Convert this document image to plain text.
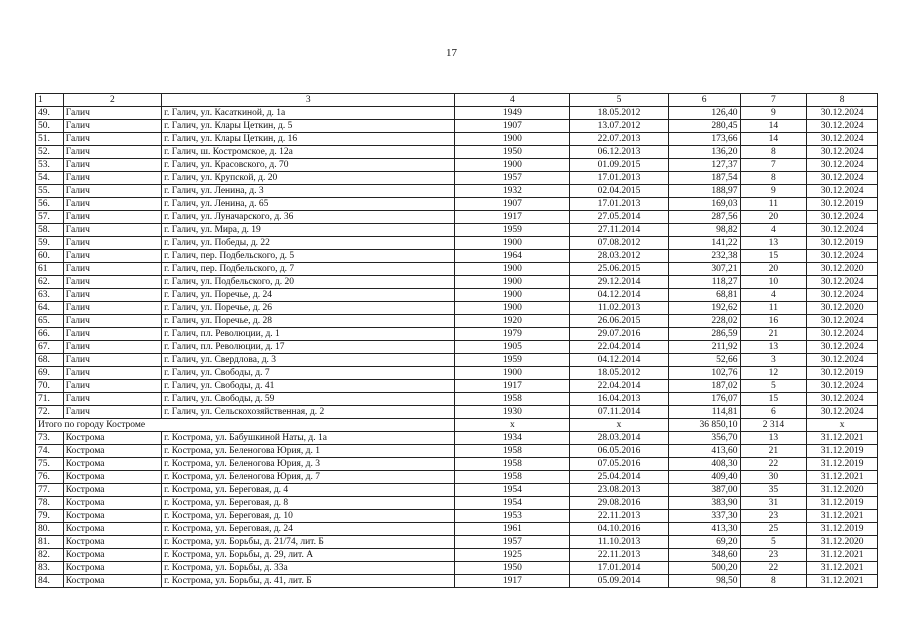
17
1	2	3	4	5	6	7	8
49.	Галич	г. Галич, ул. Касаткиной, д. 1а	1949	18.05.2012	126,40	9	30.12.2024
50.	Галич	г. Галич, ул. Клары Цеткин, д. 5	1907	13.07.2012	280,45	14	30.12.2024
51.	Галич	г. Галич, ул. Клары Цеткин, д. 16	1900	22.07.2013	173,66	14	30.12.2024
52.	Галич	г. Галич, ш. Костромское, д. 12а	1950	06.12.2013	136,20	8	30.12.2024
53.	Галич	г. Галич, ул. Красовского, д. 70	1900	01.09.2015	127,37	7	30.12.2024
54.	Галич	г. Галич, ул. Крупской, д. 20	1957	17.01.2013	187,54	8	30.12.2024
55.	Галич	г. Галич, ул. Ленина, д. 3	1932	02.04.2015	188,97	9	30.12.2024
56.	Галич	г. Галич, ул. Ленина, д. 65	1907	17.01.2013	169,03	11	30.12.2019
57.	Галич	г. Галич, ул. Луначарского, д. 36	1917	27.05.2014	287,56	20	30.12.2024
58.	Галич	г. Галич, ул. Мира, д. 19	1959	27.11.2014	98,82	4	30.12.2024
59.	Галич	г. Галич, ул. Победы, д. 22	1900	07.08.2012	141,22	13	30.12.2019
60.	Галич	г. Галич, пер. Подбельского, д. 5	1964	28.03.2012	232,38	15	30.12.2024
61	Галич	г. Галич, пер. Подбельского, д. 7	1900	25.06.2015	307,21	20	30.12.2020
62.	Галич	г. Галич, ул. Подбельского, д. 20	1900	29.12.2014	118,27	10	30.12.2024
63.	Галич	г. Галич, ул. Поречье, д. 24	1900	04.12.2014	68,81	4	30.12.2024
64.	Галич	г. Галич, ул. Поречье, д. 26	1900	11.02.2013	192,62	11	30.12.2020
65.	Галич	г. Галич, ул. Поречье, д. 28	1920	26.06.2015	228,02	16	30.12.2024
66.	Галич	г. Галич, пл. Революции, д. 1	1979	29.07.2016	286,59	21	30.12.2024
67.	Галич	г. Галич, пл. Революции, д. 17	1905	22.04.2014	211,92	13	30.12.2024
68.	Галич	г. Галич, ул. Свердлова, д. 3	1959	04.12.2014	52,66	3	30.12.2024
69.	Галич	г. Галич, ул. Свободы, д. 7	1900	18.05.2012	102,76	12	30.12.2019
70.	Галич	г. Галич, ул. Свободы, д. 41	1917	22.04.2014	187,02	5	30.12.2024
71.	Галич	г. Галич, ул. Свободы, д. 59	1958	16.04.2013	176,07	15	30.12.2024
72.	Галич	г. Галич, ул. Сельскохозяйственная, д. 2	1930	07.11.2014	114,81	6	30.12.2024
Итого по городу Костроме			x	x	36 850,10	2 314	x
73.	Кострома	г. Кострома, ул. Бабушкиной Наты, д. 1а	1934	28.03.2014	356,70	13	31.12.2021
74.	Кострома	г. Кострома, ул. Беленогова Юрия, д. 1	1958	06.05.2016	413,60	21	31.12.2019
75.	Кострома	г. Кострома, ул. Беленогова Юрия, д. 3	1958	07.05.2016	408,30	22	31.12.2019
76.	Кострома	г. Кострома, ул. Беленогова Юрия, д. 7	1958	25.04.2014	409,40	30	31.12.2021
77.	Кострома	г. Кострома, ул. Береговая, д. 4	1954	23.08.2013	387,00	35	31.12.2020
78.	Кострома	г. Кострома, ул. Береговая, д. 8	1954	29.08.2016	383,90	31	31.12.2019
79.	Кострома	г. Кострома, ул. Береговая, д. 10	1953	22.11.2013	337,30	23	31.12.2021
80.	Кострома	г. Кострома, ул. Береговая, д. 24	1961	04.10.2016	413,30	25	31.12.2019
81.	Кострома	г. Кострома, ул. Борьбы, д. 21/74, лит. Б	1957	11.10.2013	69,20	5	31.12.2020
82.	Кострома	г. Кострома, ул. Борьбы, д. 29, лит. А	1925	22.11.2013	348,60	23	31.12.2021
83.	Кострома	г. Кострома, ул. Борьбы, д. 33а	1950	17.01.2014	500,20	22	31.12.2021
84.	Кострома	г. Кострома, ул. Борьбы, д. 41, лит. Б	1917	05.09.2014	98,50	8	31.12.2021
